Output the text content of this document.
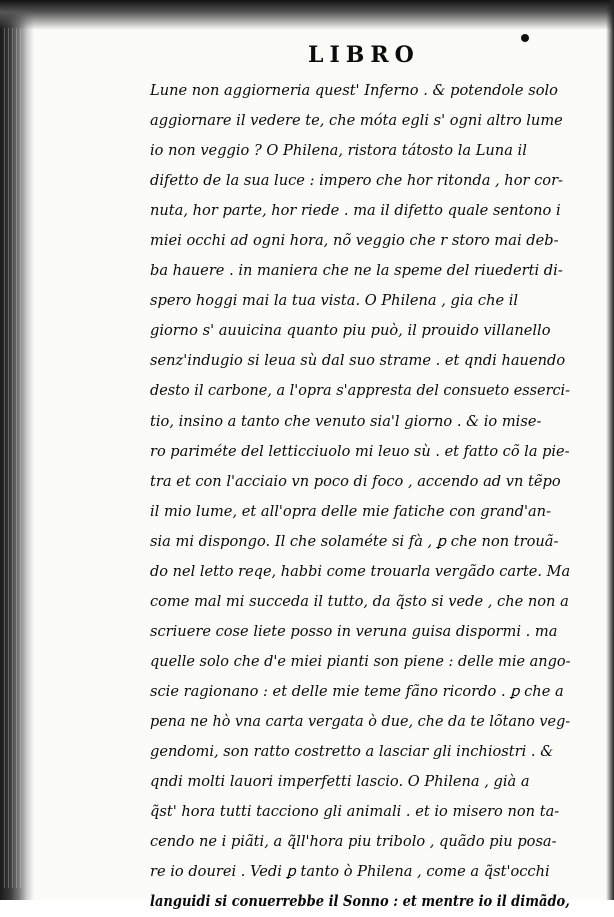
LIBRO
Lune non aggiorneria quest' Inferno . & potendole solo
aggiornare il vedere te, che móta egli s' ogni altro lume
io non veggio ? O Philena, ristora tátosto la Luna il
difetto de la sua luce : impero che hor ritonda , hor cor-
nuta, hor parte, hor riede . ma il difetto quale sentono i
miei occhi ad ogni hora, nõ veggio che r storo mai deb-
ba hauere . in maniera che ne la speme del riuederti di-
spero hoggi mai la tua vista. O Philena , gia che il
giorno s' auuicina quanto piu può, il prouido villanello
senz'indugio si leua sù dal suo strame . et qndi hauendo
desto il carbone, a l'opra s'appresta del consueto esserci-
tio, insino a tanto che venuto sia'l giorno . & io mise-
ro pariméte del letticciuolo mi leuo sù . et fatto cõ la pie-
tra et con l'acciaio vn poco di foco , accendo ad vn tẽpo
il mio lume, et all'opra delle mie fatiche con grand'an-
sia mi dispongo. Il che solaméte si fà , ꝑ che non trouã-
do nel letto reqe, habbi come trouarla vergãdo carte. Ma
come mal mi succeda il tutto, da q̃sto si vede , che non a
scriuere cose liete posso in veruna guisa dispormi . ma
quelle solo che d'e miei pianti son piene : delle mie ango-
scie ragionano : et delle mie teme fãno ricordo . ꝑ che a
pena ne hò vna carta vergata ò due, che da te lõtano veg-
gendomi, son ratto costretto a lasciar gli inchiostri . &
qndi molti lauori imperfetti lascio. O Philena , già a
q̃st' hora tutti tacciono gli animali . et io misero non ta-
cendo ne i piãti, a q̃ll'hora piu tribolo , quãdo piu posa-
re io dourei . Vedi ꝑ tanto ò Philena , come a q̃st'occhi
languidi si conuerrebbe il Sonno : et mentre io il dimãdo,
